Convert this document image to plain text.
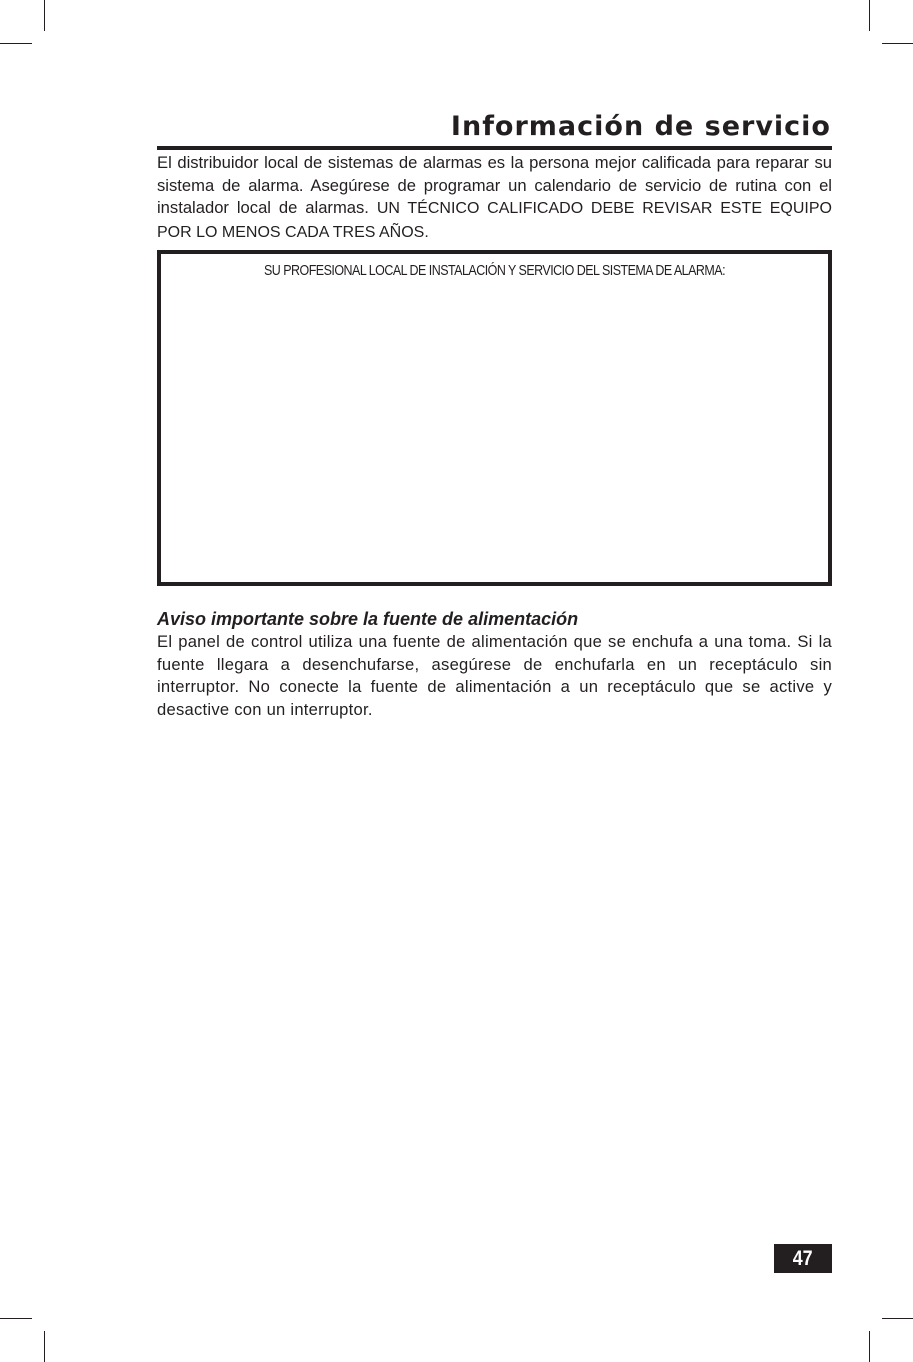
Información de servicio

El distribuidor local de sistemas de alarmas es la persona mejor calificada para reparar su sistema de alarma. Asegúrese de programar un calendario de servicio de rutina con el instalador local de alarmas. UN TÉCNICO CALIFICADO DEBE REVISAR ESTE EQUIPO POR LO MENOS CADA TRES AÑOS.

SU PROFESIONAL LOCAL DE INSTALACIÓN Y SERVICIO DEL SISTEMA DE ALARMA:
Aviso importante sobre la fuente de alimentación

El panel de control utiliza una fuente de alimentación que se enchufa a una toma. Si la fuente llegara a desenchufarse, asegúrese de enchufarla en un receptáculo sin interruptor. No conecte la fuente de alimentación a un receptáculo que se active y desactive con un interruptor.

47
